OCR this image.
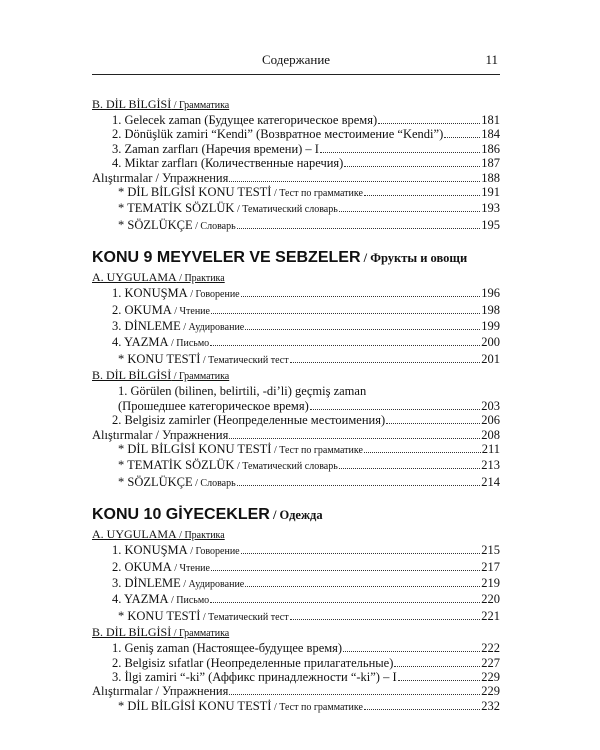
Содержание	11
B. DİL BİLGİSİ / Грамматика
1. Gelecek zaman (Будущее категорическое время)	181
2. Dönüşlük zamiri “Kendi” (Возвратное местоимение “Kendi”)	184
3. Zaman zarfları (Наречия времени) – I	186
4. Miktar zarfları (Количественные наречия)	187
Alıştırmalar / Упражнения	188
* DİL BİLGİSİ KONU TESTİ / Тест по грамматике	191
* TEMATİK SÖZLÜK / Тематический словарь	193
* SÖZLÜKÇE / Словарь	195
KONU 9 MEYVELER VE SEBZELER / Фрукты и овощи
A. UYGULAMA / Практика
1. KONUŞMA / Говорение	196
2. OKUMA / Чтение	198
3. DİNLEME / Аудирование	199
4. YAZMA / Письмо	200
* KONU TESTİ / Тематический тест	201
B. DİL BİLGİSİ / Грамматика
1. Görülen (bilinen, belirtili, -di’li) geçmiş zaman
(Прошедшее категорическое время)	203
2. Belgisiz zamirler (Неопределенные местоимения)	206
Alıştırmalar / Упражнения	208
* DİL BİLGİSİ KONU TESTİ / Тест по грамматике	211
* TEMATİK SÖZLÜK / Тематический словарь	213
* SÖZLÜKÇE / Словарь	214
KONU 10 GİYECEKLER / Одежда
A. UYGULAMA / Практика
1. KONUŞMA / Говорение	215
2. OKUMA / Чтение	217
3. DİNLEME / Аудирование	219
4. YAZMA / Письмо	220
* KONU TESTİ / Тематический тест	221
B. DİL BİLGİSİ / Грамматика
1. Geniş zaman (Настоящее-будущее время)	222
2. Belgisiz sıfatlar (Неопределенные прилагательные)	227
3. İlgi zamiri “-ki” (Аффикс принадлежности “-ki”) – I	229
Alıştırmalar / Упражнения	229
* DİL BİLGİSİ KONU TESTİ / Тест по грамматике	232
